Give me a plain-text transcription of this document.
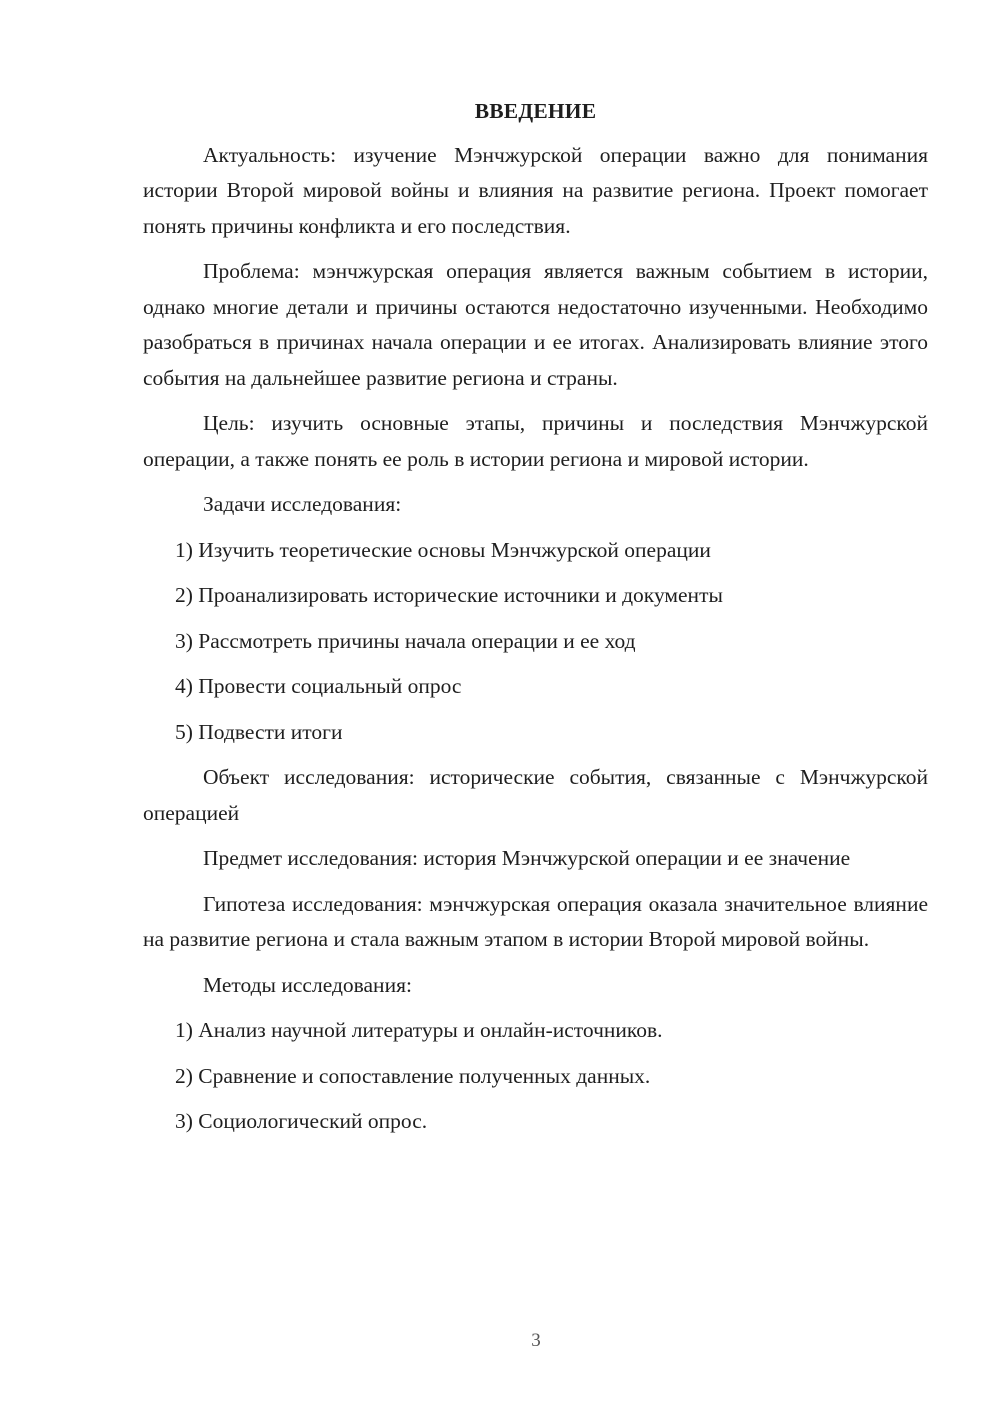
ВВЕДЕНИЕ

Актуальность: изучение Мэнчжурской операции важно для понимания истории Второй мировой войны и влияния на развитие региона. Проект помогает понять причины конфликта и его последствия.

Проблема: мэнчжурская операция является важным событием в истории, однако многие детали и причины остаются недостаточно изученными. Необходимо разобраться в причинах начала операции и ее итогах. Анализировать влияние этого события на дальнейшее развитие региона и страны.

Цель: изучить основные этапы, причины и последствия Мэнчжурской операции, а также понять ее роль в истории региона и мировой истории.

Задачи исследования:

1) Изучить теоретические основы Мэнчжурской операции
2) Проанализировать исторические источники и документы
3) Рассмотреть причины начала операции и ее ход
4) Провести социальный опрос
5) Подвести итоги

Объект исследования: исторические события, связанные с Мэнчжурской операцией

Предмет исследования: история Мэнчжурской операции и ее значение

Гипотеза исследования: мэнчжурская операция оказала значительное влияние на развитие региона и стала важным этапом в истории Второй мировой войны.

Методы исследования:

1) Анализ научной литературы и онлайн-источников.
2) Сравнение и сопоставление полученных данных.
3) Социологический опрос.
3
